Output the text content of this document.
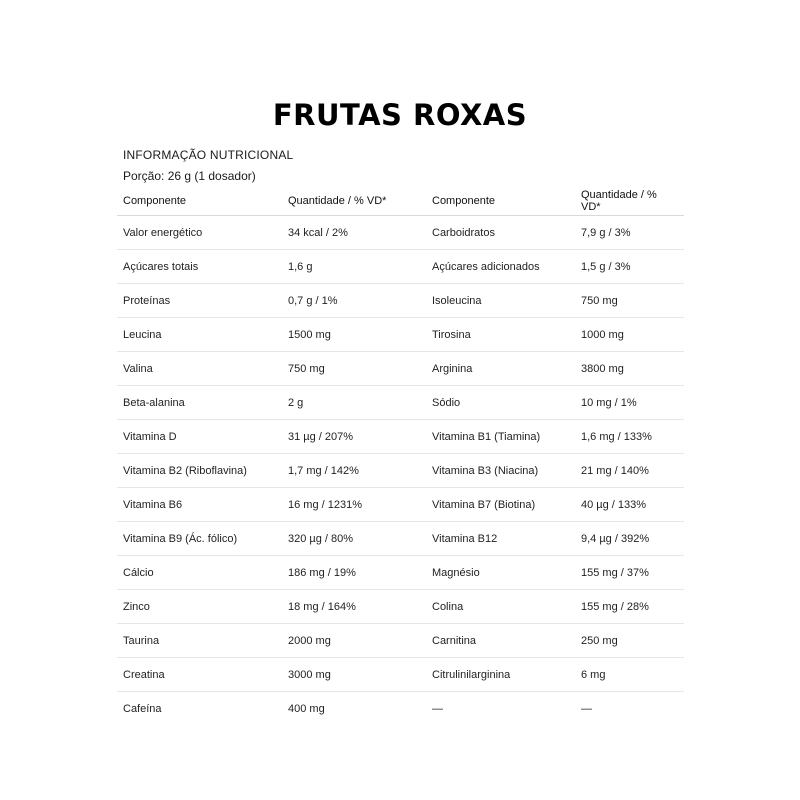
FRUTAS ROXAS

INFORMAÇÃO NUTRICIONAL

Porção: 26 g (1 dosador)

Componente	Quantidade / % VD*	Componente	Quantidade / % VD*
Valor energético	34 kcal / 2%	Carboidratos	7,9 g / 3%
Açúcares totais	1,6 g	Açúcares adicionados	1,5 g / 3%
Proteínas	0,7 g / 1%	Isoleucina	750 mg
Leucina	1500 mg	Tirosina	1000 mg
Valina	750 mg	Arginina	3800 mg
Beta-alanina	2 g	Sódio	10 mg / 1%
Vitamina D	31 µg / 207%	Vitamina B1 (Tiamina)	1,6 mg / 133%
Vitamina B2 (Riboflavina)	1,7 mg / 142%	Vitamina B3 (Niacina)	21 mg / 140%
Vitamina B6	16 mg / 1231%	Vitamina B7 (Biotina)	40 µg / 133%
Vitamina B9 (Ác. fólico)	320 µg / 80%	Vitamina B12	9,4 µg / 392%
Cálcio	186 mg / 19%	Magnésio	155 mg / 37%
Zinco	18 mg / 164%	Colina	155 mg / 28%
Taurina	2000 mg	Carnitina	250 mg
Creatina	3000 mg	Citrulinilarginina	6 mg
Cafeína	400 mg	—	—
